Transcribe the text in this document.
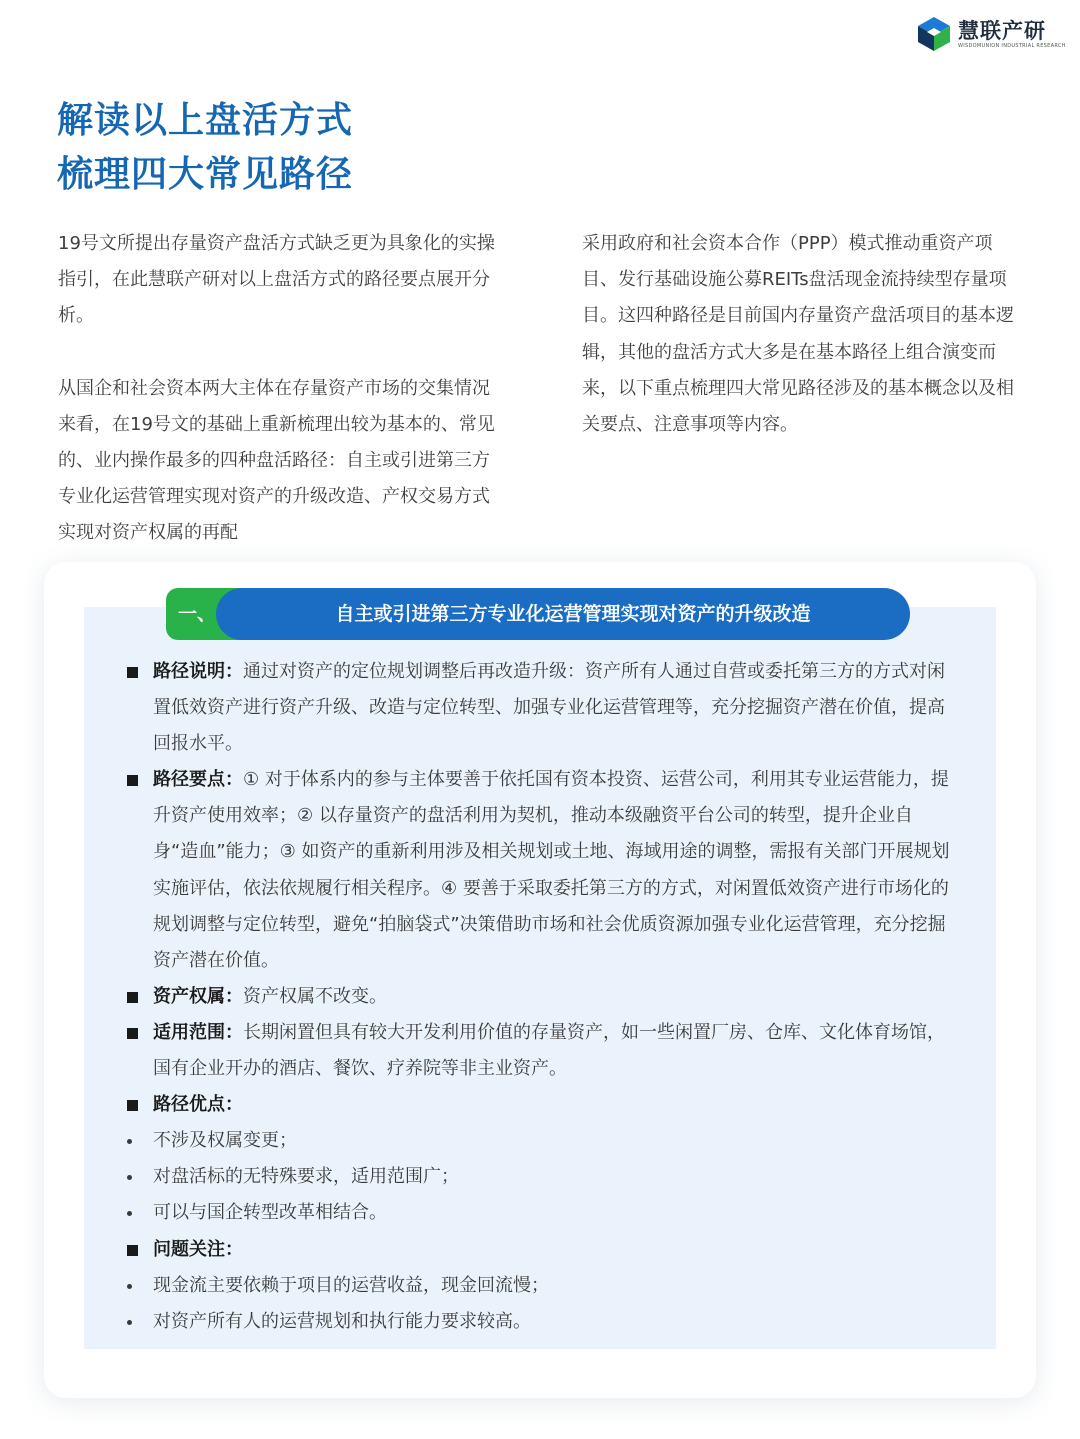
慧联产研
WISDOMUNION INDUSTRIAL RESEARCH
解读以上盘活方式
梳理四大常见路径

19号文所提出存量资产盘活方式缺乏更为具象化的实操指引，在此慧联产研对以上盘活方式的路径要点展开分析。

从国企和社会资本两大主体在存量资产市场的交集情况来看，在19号文的基础上重新梳理出较为基本的、常见的、业内操作最多的四种盘活路径：自主或引进第三方专业化运营管理实现对资产的升级改造、产权交易方式实现对资产权属的再配

采用政府和社会资本合作（PPP）模式推动重资产项目、发行基础设施公募REITs盘活现金流持续型存量项目。这四种路径是目前国内存量资产盘活项目的基本逻辑，其他的盘活方式大多是在基本路径上组合演变而来，以下重点梳理四大常见路径涉及的基本概念以及相关要点、注意事项等内容。

一、	自主或引进第三方专业化运营管理实现对资产的升级改造

路径说明：通过对资产的定位规划调整后再改造升级：资产所有人通过自营或委托第三方的方式对闲置低效资产进行资产升级、改造与定位转型、加强专业化运营管理等，充分挖掘资产潜在价值，提高回报水平。

路径要点：① 对于体系内的参与主体要善于依托国有资本投资、运营公司，利用其专业运营能力，提升资产使用效率；② 以存量资产的盘活利用为契机，推动本级融资平台公司的转型，提升企业自身“造血”能力；③ 如资产的重新利用涉及相关规划或土地、海域用途的调整，需报有关部门开展规划实施评估，依法依规履行相关程序。④ 要善于采取委托第三方的方式，对闲置低效资产进行市场化的规划调整与定位转型，避免“拍脑袋式”决策借助市场和社会优质资源加强专业化运营管理，充分挖掘资产潜在价值。

资产权属：资产权属不改变。

适用范围：长期闲置但具有较大开发利用价值的存量资产，如一些闲置厂房、仓库、文化体育场馆，国有企业开办的酒店、餐饮、疗养院等非主业资产。

路径优点：

不涉及权属变更；

对盘活标的无特殊要求，适用范围广；

可以与国企转型改革相结合。

问题关注：

现金流主要依赖于项目的运营收益，现金回流慢；

对资产所有人的运营规划和执行能力要求较高。
